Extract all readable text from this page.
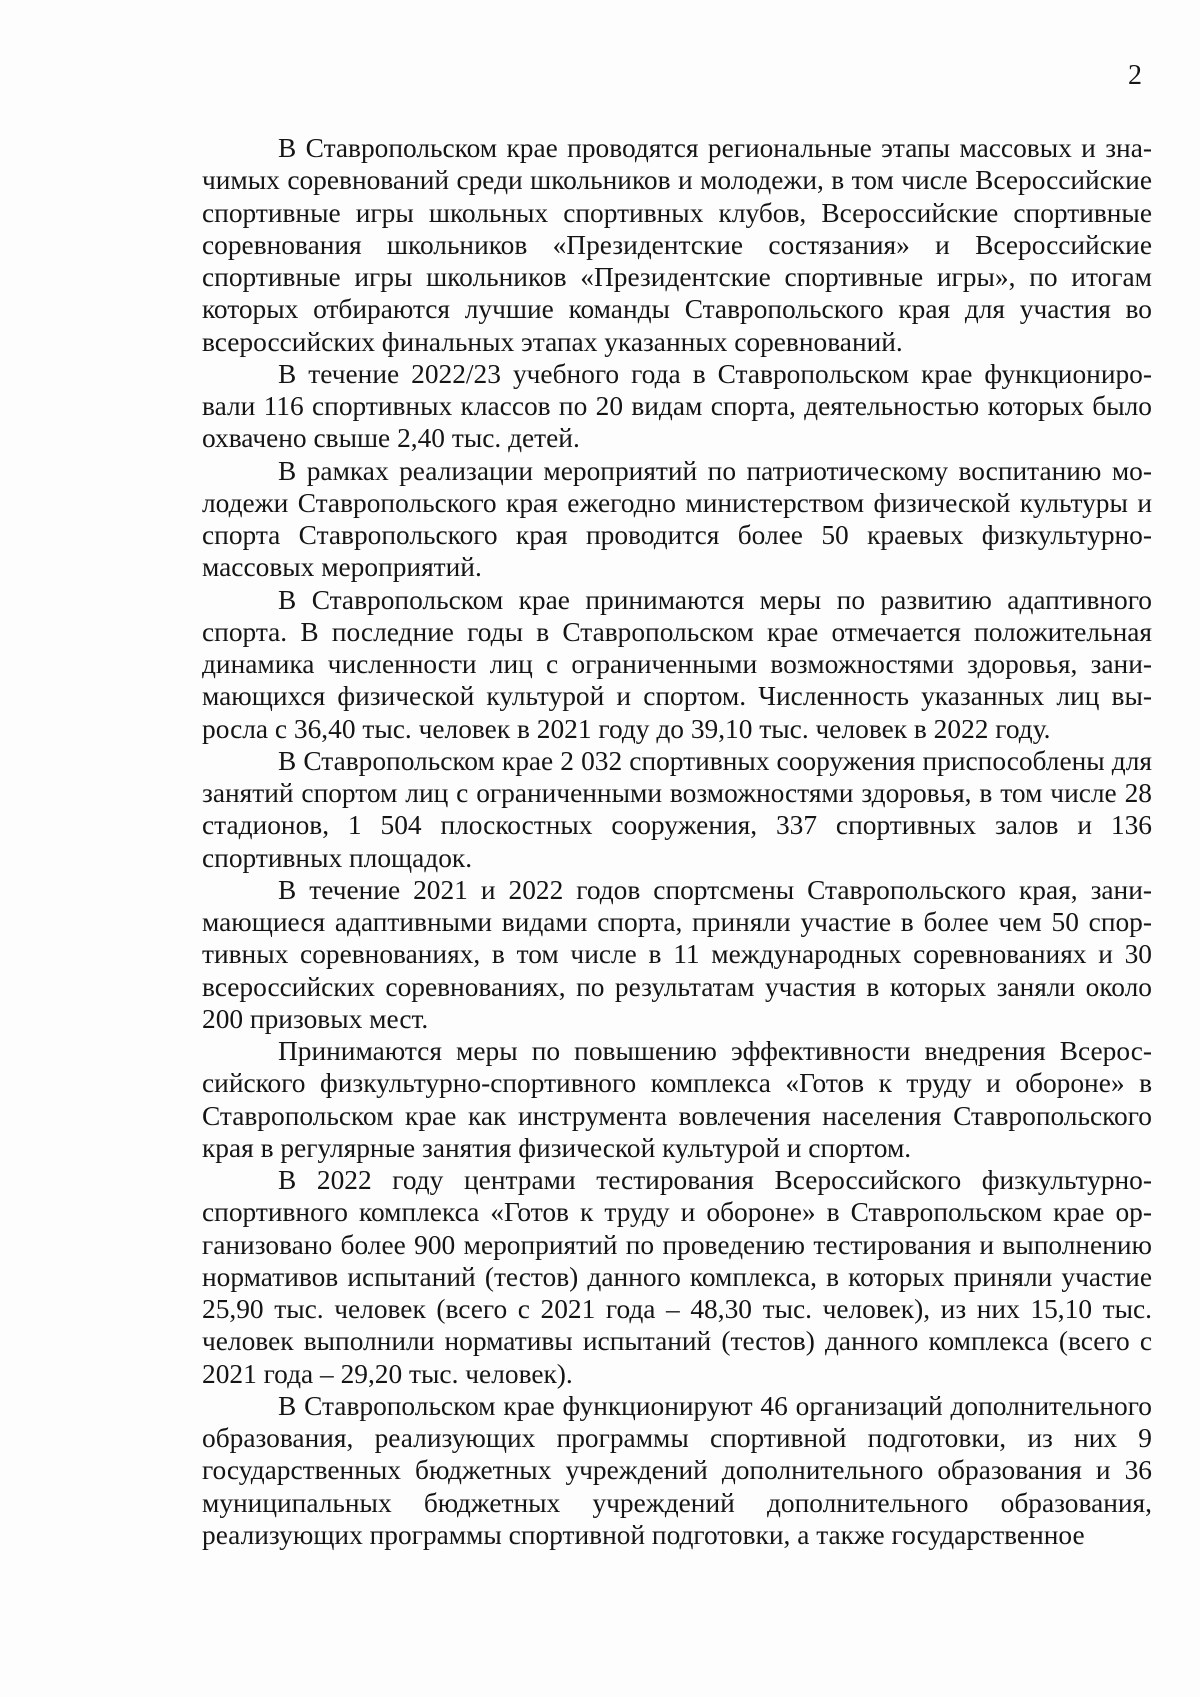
2

В Ставропольском крае проводятся региональные этапы массовых и значимых соревнований среди школьников и молодежи, в том числе Всероссийские спортивные игры школьных спортивных клубов, Всероссийские спортивные соревнования школьников «Президентские состязания» и Всероссийские спортивные игры школьников «Президентские спортивные игры», по итогам которых отбираются лучшие команды Ставропольского края для участия во всероссийских финальных этапах указанных соревнований.

В течение 2022/23 учебного года в Ставропольском крае функционировали 116 спортивных классов по 20 видам спорта, деятельностью которых было охвачено свыше 2,40 тыс. детей.

В рамках реализации мероприятий по патриотическому воспитанию молодежи Ставропольского края ежегодно министерством физической культуры и спорта Ставропольского края проводится более 50 краевых физкультурно-массовых мероприятий.

В Ставропольском крае принимаются меры по развитию адаптивного спорта. В последние годы в Ставропольском крае отмечается положительная динамика численности лиц с ограниченными возможностями здоровья, занимающихся физической культурой и спортом. Численность указанных лиц выросла с 36,40 тыс. человек в 2021 году до 39,10 тыс. человек в 2022 году.

В Ставропольском крае 2 032 спортивных сооружения приспособлены для занятий спортом лиц с ограниченными возможностями здоровья, в том числе 28 стадионов, 1 504 плоскостных сооружения, 337 спортивных залов и 136 спортивных площадок.

В течение 2021 и 2022 годов спортсмены Ставропольского края, занимающиеся адаптивными видами спорта, приняли участие в более чем 50 спортивных соревнованиях, в том числе в 11 международных соревнованиях и 30 всероссийских соревнованиях, по результатам участия в которых заняли около 200 призовых мест.

Принимаются меры по повышению эффективности внедрения Всероссийского физкультурно-спортивного комплекса «Готов к труду и обороне» в Ставропольском крае как инструмента вовлечения населения Ставропольского края в регулярные занятия физической культурой и спортом.

В 2022 году центрами тестирования Всероссийского физкультурно-спортивного комплекса «Готов к труду и обороне» в Ставропольском крае организовано более 900 мероприятий по проведению тестирования и выполнению нормативов испытаний (тестов) данного комплекса, в которых приняли участие 25,90 тыс. человек (всего с 2021 года – 48,30 тыс. человек), из них 15,10 тыс. человек выполнили нормативы испытаний (тестов) данного комплекса (всего с 2021 года – 29,20 тыс. человек).

В Ставропольском крае функционируют 46 организаций дополнительного образования, реализующих программы спортивной подготовки, из них 9 государственных бюджетных учреждений дополнительного образования и 36 муниципальных бюджетных учреждений дополнительного образования, реализующих программы спортивной подготовки, а также государственное
